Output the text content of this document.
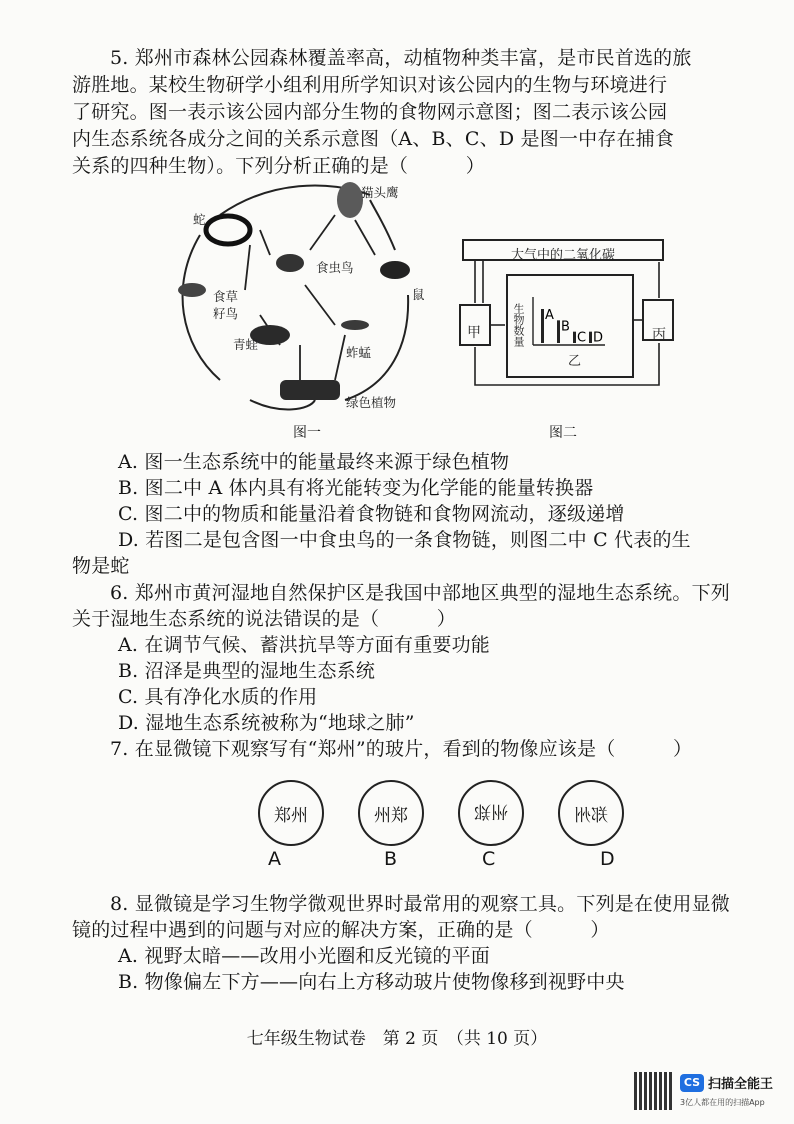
5. 郑州市森林公园森林覆盖率高，动植物种类丰富，是市民首选的旅
游胜地。某校生物研学小组利用所学知识对该公园内的生物与环境进行
了研究。图一表示该公园内部分生物的食物网示意图；图二表示该公园
内生态系统各成分之间的关系示意图（A、B、C、D 是图一中存在捕食
关系的四种生物）。下列分析正确的是（　　　）
猫头鹰
蛇
食虫鸟
鼠
食草
籽鸟
青蛙
蚱蜢
绿色植物
图一
大气中的二氧化碳
甲	丙
乙
生物数量 A
B
C D
图二
A. 图一生态系统中的能量最终来源于绿色植物
B. 图二中 A 体内具有将光能转变为化学能的能量转换器
C. 图二中的物质和能量沿着食物链和食物网流动，逐级递增
D. 若图二是包含图一中食虫鸟的一条食物链，则图二中 C 代表的生
物是蛇
6. 郑州市黄河湿地自然保护区是我国中部地区典型的湿地生态系统。下列
关于湿地生态系统的说法错误的是（　　　）
A. 在调节气候、蓄洪抗旱等方面有重要功能
B. 沼泽是典型的湿地生态系统
C. 具有净化水质的作用
D. 湿地生态系统被称为“地球之肺”
7. 在显微镜下观察写有“郑州”的玻片，看到的物像应该是（　　　）
郑州	州郑	州郑	郑州
A	B	C	D
8. 显微镜是学习生物学微观世界时最常用的观察工具。下列是在使用显微
镜的过程中遇到的问题与对应的解决方案，正确的是（　　　）
A. 视野太暗——改用小光圈和反光镜的平面
B. 物像偏左下方——向右上方移动玻片使物像移到视野中央
七年级生物试卷　第 2 页　（共 10 页）
CS 扫描全能王
3亿人都在用的扫描App
